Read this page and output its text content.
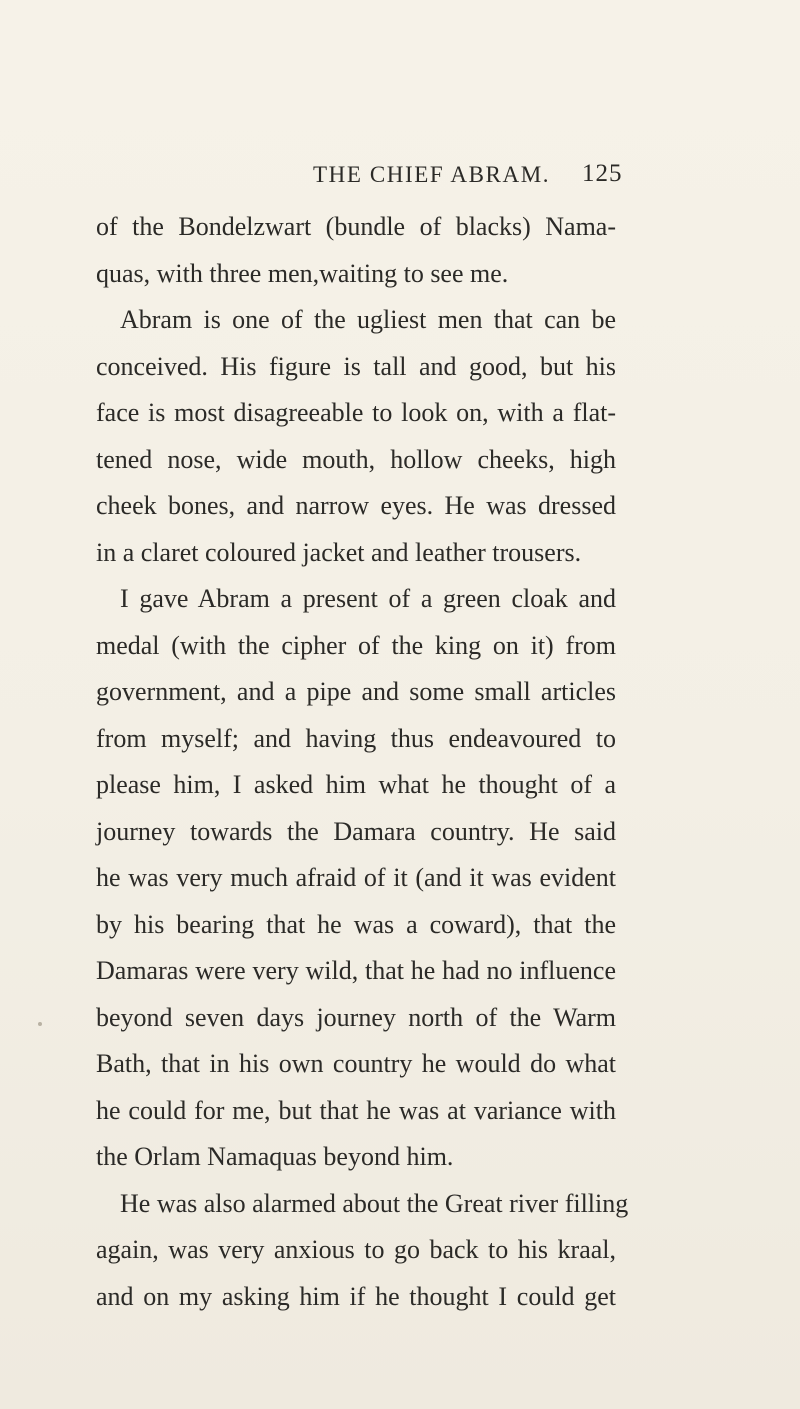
THE CHIEF ABRAM. 125
of the Bondelzwart (bundle of blacks) Nama-
quas, with three men,waiting to see me.
Abram is one of the ugliest men that can be
conceived. His figure is tall and good, but his
face is most disagreeable to look on, with a flat-
tened nose, wide mouth, hollow cheeks, high
cheek bones, and narrow eyes. He was dressed
in a claret coloured jacket and leather trousers.
I gave Abram a present of a green cloak and
medal (with the cipher of the king on it) from
government, and a pipe and some small articles
from myself; and having thus endeavoured to
please him, I asked him what he thought of a
journey towards the Damara country. He said
he was very much afraid of it (and it was evident
by his bearing that he was a coward), that the
Damaras were very wild, that he had no influence
beyond seven days journey north of the Warm
Bath, that in his own country he would do what
he could for me, but that he was at variance with
the Orlam Namaquas beyond him.
He was also alarmed about the Great river filling
again, was very anxious to go back to his kraal,
and on my asking him if he thought I could get
